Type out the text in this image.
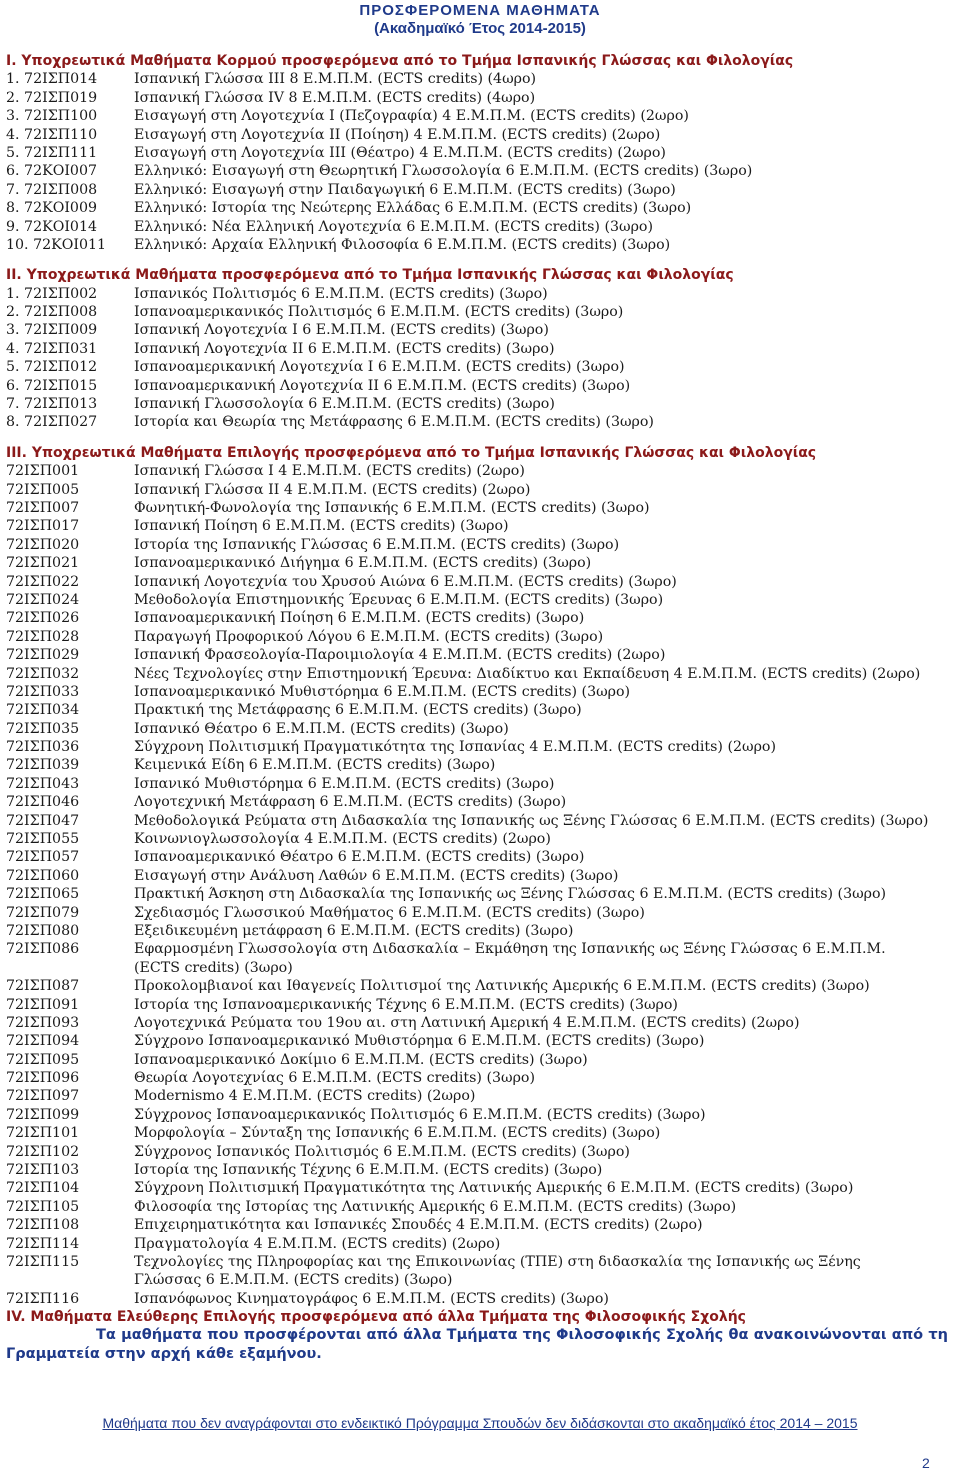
ΠΡΟΣΦΕΡΟΜΕΝΑ ΜΑΘΗΜΑΤΑ
(Ακαδημαϊκό Έτος 2014-2015)
Ι. Υποχρεωτικά Μαθήματα Κορμού προσφερόμενα από το Τμήμα Ισπανικής Γλώσσας και Φιλολογίας
1. 72ΙΣΠ014	Ισπανική Γλώσσα ΙΙΙ 8 Ε.Μ.Π.Μ. (ECTS credits) (4ωρο)
2. 72ΙΣΠ019	Ισπανική Γλώσσα ΙV 8 Ε.Μ.Π.Μ. (ECTS credits) (4ωρο)
3. 72ΙΣΠ100	Εισαγωγή στη Λογοτεχνία Ι (Πεζογραφία) 4 Ε.Μ.Π.Μ. (ECTS credits) (2ωρο)
4. 72ΙΣΠ110	Εισαγωγή στη Λογοτεχνία ΙΙ (Ποίηση) 4 Ε.Μ.Π.Μ. (ECTS credits) (2ωρο)
5. 72ΙΣΠ111	Εισαγωγή στη Λογοτεχνία ΙΙΙ (Θέατρο) 4 Ε.Μ.Π.Μ. (ECTS credits) (2ωρο)
6. 72ΚΟΙ007	Ελληνικό: Εισαγωγή στη Θεωρητική Γλωσσολογία 6 Ε.Μ.Π.Μ. (ECTS credits) (3ωρο)
7. 72ΙΣΠ008	Ελληνικό: Εισαγωγή στην Παιδαγωγική 6 Ε.Μ.Π.Μ. (ECTS credits) (3ωρο)
8. 72ΚΟΙ009	Ελληνικό: Ιστορία της Νεώτερης Ελλάδας 6 Ε.Μ.Π.Μ. (ECTS credits) (3ωρο)
9. 72ΚΟΙ014	Ελληνικό: Νέα Ελληνική Λογοτεχνία 6 Ε.Μ.Π.Μ. (ECTS credits) (3ωρο)
10. 72ΚΟΙ011 Ελληνικό: Αρχαία Ελληνική Φιλοσοφία 6 Ε.Μ.Π.Μ. (ECTS credits) (3ωρο)
ΙΙ. Υποχρεωτικά Μαθήματα προσφερόμενα από το Τμήμα Ισπανικής Γλώσσας και Φιλολογίας
1. 72ΙΣΠ002	Ισπανικός Πολιτισμός 6 Ε.Μ.Π.Μ. (ECTS credits) (3ωρο)
2. 72ΙΣΠ008	Ισπανοαμερικανικός Πολιτισμός 6 Ε.Μ.Π.Μ. (ECTS credits) (3ωρο)
3. 72ΙΣΠ009	Ισπανική Λογοτεχνία Ι 6 Ε.Μ.Π.Μ. (ECTS credits) (3ωρο)
4. 72ΙΣΠ031	Ισπανική Λογοτεχνία ΙΙ 6 Ε.Μ.Π.Μ. (ECTS credits) (3ωρο)
5. 72ΙΣΠ012	Ισπανοαμερικανική Λογοτεχνία Ι 6 Ε.Μ.Π.Μ. (ECTS credits) (3ωρο)
6. 72ΙΣΠ015	Ισπανοαμερικανική Λογοτεχνία ΙΙ 6 Ε.Μ.Π.Μ. (ECTS credits) (3ωρο)
7. 72ΙΣΠ013	Ισπανική Γλωσσολογία 6 Ε.Μ.Π.Μ. (ECTS credits) (3ωρο)
8. 72ΙΣΠ027	Ιστορία και Θεωρία της Μετάφρασης 6 Ε.Μ.Π.Μ. (ECTS credits) (3ωρο)
ΙΙΙ. Υποχρεωτικά Μαθήματα Επιλογής προσφερόμενα από το Τμήμα Ισπανικής Γλώσσας και Φιλολογίας
72ΙΣΠ001	Ισπανική Γλώσσα Ι 4 Ε.Μ.Π.Μ. (ECTS credits) (2ωρο)
72ΙΣΠ005	Ισπανική Γλώσσα ΙΙ 4 Ε.Μ.Π.Μ. (ECTS credits) (2ωρο)
72ΙΣΠ007	Φωνητική-Φωνολογία της Ισπανικής 6 Ε.Μ.Π.Μ. (ECTS credits) (3ωρο)
72ΙΣΠ017	Ισπανική Ποίηση 6 Ε.Μ.Π.Μ. (ECTS credits) (3ωρο)
72ΙΣΠ020	Ιστορία της Ισπανικής Γλώσσας 6 Ε.Μ.Π.Μ. (ECTS credits) (3ωρο)
72ΙΣΠ021	Ισπανοαμερικανικό Διήγημα 6 Ε.Μ.Π.Μ. (ECTS credits) (3ωρο)
72ΙΣΠ022	Ισπανική Λογοτεχνία του Χρυσού Αιώνα 6 Ε.Μ.Π.Μ. (ECTS credits) (3ωρο)
72ΙΣΠ024	Μεθοδολογία Επιστημονικής Έρευνας 6 Ε.Μ.Π.Μ. (ECTS credits) (3ωρο)
72ΙΣΠ026	Ισπανοαμερικανική Ποίηση 6 Ε.Μ.Π.Μ. (ECTS credits) (3ωρο)
72ΙΣΠ028	Παραγωγή Προφορικού Λόγου 6 Ε.Μ.Π.Μ. (ECTS credits) (3ωρο)
72ΙΣΠ029	Ισπανική Φρασεολογία-Παροιμιολογία 4 Ε.Μ.Π.Μ. (ECTS credits) (2ωρο)
72ΙΣΠ032	Νέες Τεχνολογίες στην Επιστημονική Έρευνα: Διαδίκτυο και Εκπαίδευση 4 Ε.Μ.Π.Μ. (ECTS credits) (2ωρο)
72ΙΣΠ033	Ισπανοαμερικανικό Μυθιστόρημα 6 Ε.Μ.Π.Μ. (ECTS credits) (3ωρο)
72ΙΣΠ034	Πρακτική της Μετάφρασης 6 Ε.Μ.Π.Μ. (ECTS credits) (3ωρο)
72ΙΣΠ035	Ισπανικό Θέατρο 6 Ε.Μ.Π.Μ. (ECTS credits) (3ωρο)
72ΙΣΠ036	Σύγχρονη Πολιτισμική Πραγματικότητα της Ισπανίας 4 Ε.Μ.Π.Μ. (ECTS credits) (2ωρο)
72ΙΣΠ039	Κειμενικά Είδη 6 Ε.Μ.Π.Μ. (ECTS credits) (3ωρο)
72ΙΣΠ043	Ισπανικό Μυθιστόρημα 6 Ε.Μ.Π.Μ. (ECTS credits) (3ωρο)
72ΙΣΠ046	Λογοτεχνική Μετάφραση 6 Ε.Μ.Π.Μ. (ECTS credits) (3ωρο)
72ΙΣΠ047	Μεθοδολογικά Ρεύματα στη Διδασκαλία της Ισπανικής ως Ξένης Γλώσσας 6 Ε.Μ.Π.Μ. (ECTS credits) (3ωρο)
72ΙΣΠ055	Κοινωνιογλωσσολογία 4 Ε.Μ.Π.Μ. (ECTS credits) (2ωρο)
72ΙΣΠ057	Ισπανοαμερικανικό Θέατρο 6 Ε.Μ.Π.Μ. (ECTS credits) (3ωρο)
72ΙΣΠ060	Εισαγωγή στην Ανάλυση Λαθών 6 Ε.Μ.Π.Μ. (ECTS credits) (3ωρο)
72ΙΣΠ065	Πρακτική Άσκηση στη Διδασκαλία της Ισπανικής ως Ξένης Γλώσσας 6 Ε.Μ.Π.Μ. (ECTS credits) (3ωρο)
72ΙΣΠ079	Σχεδιασμός Γλωσσικού Μαθήματος 6 Ε.Μ.Π.Μ. (ECTS credits) (3ωρο)
72ΙΣΠ080	Εξειδικευμένη μετάφραση 6 Ε.Μ.Π.Μ. (ECTS credits) (3ωρο)
72ΙΣΠ086	Εφαρμοσμένη Γλωσσολογία στη Διδασκαλία – Εκμάθηση της Ισπανικής ως Ξένης Γλώσσας 6 Ε.Μ.Π.Μ.
(ECTS credits) (3ωρο)
72ΙΣΠ087	Προκολομβιανοί και Ιθαγενείς Πολιτισμοί της Λατινικής Αμερικής 6 Ε.Μ.Π.Μ. (ECTS credits) (3ωρο)
72ΙΣΠ091	Ιστορία της Ισπανοαμερικανικής Τέχνης 6 Ε.Μ.Π.Μ. (ECTS credits) (3ωρο)
72ΙΣΠ093	Λογοτεχνικά Ρεύματα του 19ου αι. στη Λατινική Αμερική 4 Ε.Μ.Π.Μ. (ECTS credits) (2ωρο)
72ΙΣΠ094	Σύγχρονο Ισπανοαμερικανικό Μυθιστόρημα 6 Ε.Μ.Π.Μ. (ECTS credits) (3ωρο)
72ΙΣΠ095	Ισπανοαμερικανικό Δοκίμιο 6 Ε.Μ.Π.Μ. (ECTS credits) (3ωρο)
72ΙΣΠ096	Θεωρία Λογοτεχνίας 6 Ε.Μ.Π.Μ. (ECTS credits) (3ωρο)
72ΙΣΠ097	Modernismo 4 Ε.Μ.Π.Μ. (ECTS credits) (2ωρο)
72ΙΣΠ099	Σύγχρονος Ισπανοαμερικανικός Πολιτισμός 6 Ε.Μ.Π.Μ. (ECTS credits) (3ωρο)
72ΙΣΠ101	Μορφολογία – Σύνταξη της Ισπανικής 6 Ε.Μ.Π.Μ. (ECTS credits) (3ωρο)
72ΙΣΠ102	Σύγχρονος Ισπανικός Πολιτισμός 6 Ε.Μ.Π.Μ. (ECTS credits) (3ωρο)
72ΙΣΠ103	Ιστορία της Ισπανικής Τέχνης 6 Ε.Μ.Π.Μ. (ECTS credits) (3ωρο)
72ΙΣΠ104	Σύγχρονη Πολιτισμική Πραγματικότητα της Λατινικής Αμερικής 6 Ε.Μ.Π.Μ. (ECTS credits) (3ωρο)
72ΙΣΠ105	Φιλοσοφία της Ιστορίας της Λατινικής Αμερικής 6 Ε.Μ.Π.Μ. (ECTS credits) (3ωρο)
72ΙΣΠ108	Επιχειρηματικότητα και Ισπανικές Σπουδές 4 Ε.Μ.Π.Μ. (ECTS credits) (2ωρο)
72ΙΣΠ114	Πραγματολογία 4 Ε.Μ.Π.Μ. (ECTS credits) (2ωρο)
72ΙΣΠ115	Τεχνολογίες της Πληροφορίας και της Επικοινωνίας (ΤΠΕ) στη διδασκαλία της Ισπανικής ως Ξένης
Γλώσσας 6 Ε.Μ.Π.Μ. (ECTS credits) (3ωρο)
72ΙΣΠ116	Ισπανόφωνος Κινηματογράφος 6 Ε.Μ.Π.Μ. (ECTS credits) (3ωρο)
IV. Μαθήματα Ελεύθερης Επιλογής προσφερόμενα από άλλα Τμήματα της Φιλοσοφικής Σχολής
Τα μαθήματα που προσφέρονται από άλλα Τμήματα της Φιλοσοφικής Σχολής θα ανακοινώνονται από τη Γραμματεία στην αρχή κάθε εξαμήνου.
Μαθήματα που δεν αναγράφονται στο ενδεικτικό Πρόγραμμα Σπουδών δεν διδάσκονται στο ακαδημαϊκό έτος 2014 – 2015
2
